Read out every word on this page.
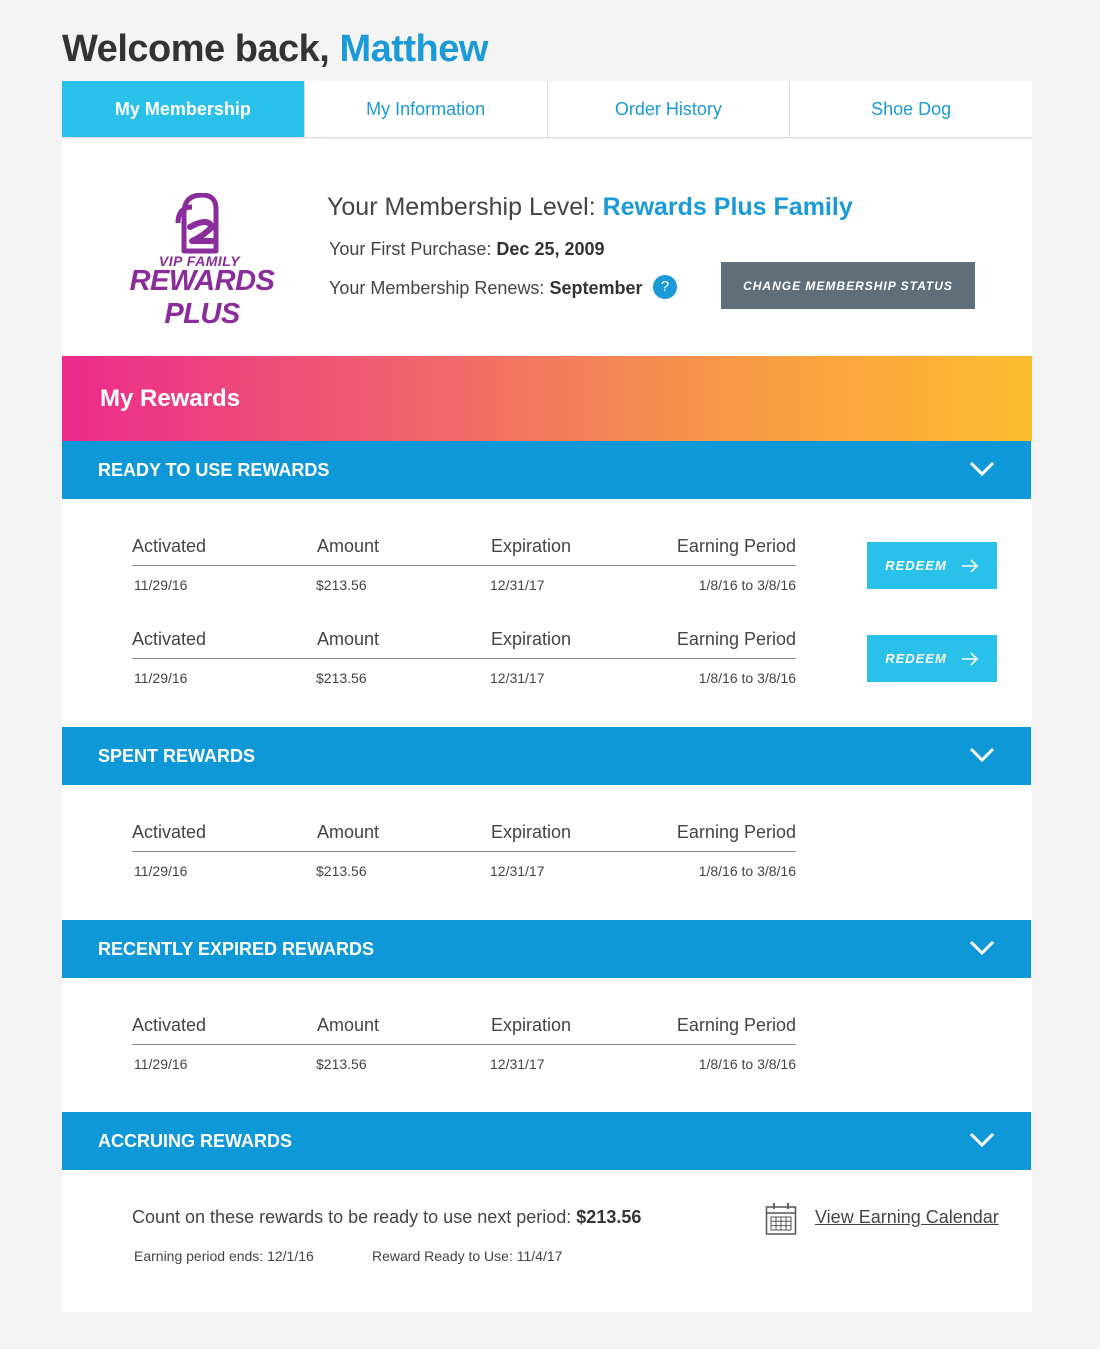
Welcome back, Matthew
My Membership	My Information	Order History	Shoe Dog
VIP FAMILY
REWARDS PLUS
Your Membership Level: Rewards Plus Family
Your First Purchase: Dec 25, 2009
Your Membership Renews: September	?	CHANGE MEMBERSHIP STATUS
My Rewards
READY TO USE REWARDS
Activated	Amount	Expiration	Earning Period
11/29/16	$213.56	12/31/17	1/8/16 to 3/8/16
REDEEM
Activated	Amount	Expiration	Earning Period
11/29/16	$213.56	12/31/17	1/8/16 to 3/8/16
REDEEM
SPENT REWARDS
Activated	Amount	Expiration	Earning Period
11/29/16	$213.56	12/31/17	1/8/16 to 3/8/16
RECENTLY EXPIRED REWARDS
Activated	Amount	Expiration	Earning Period
11/29/16	$213.56	12/31/17	1/8/16 to 3/8/16
ACCRUING REWARDS
Count on these rewards to be ready to use next period: $213.56
Earning period ends: 12/1/16	Reward Ready to Use: 11/4/17
View Earning Calendar
